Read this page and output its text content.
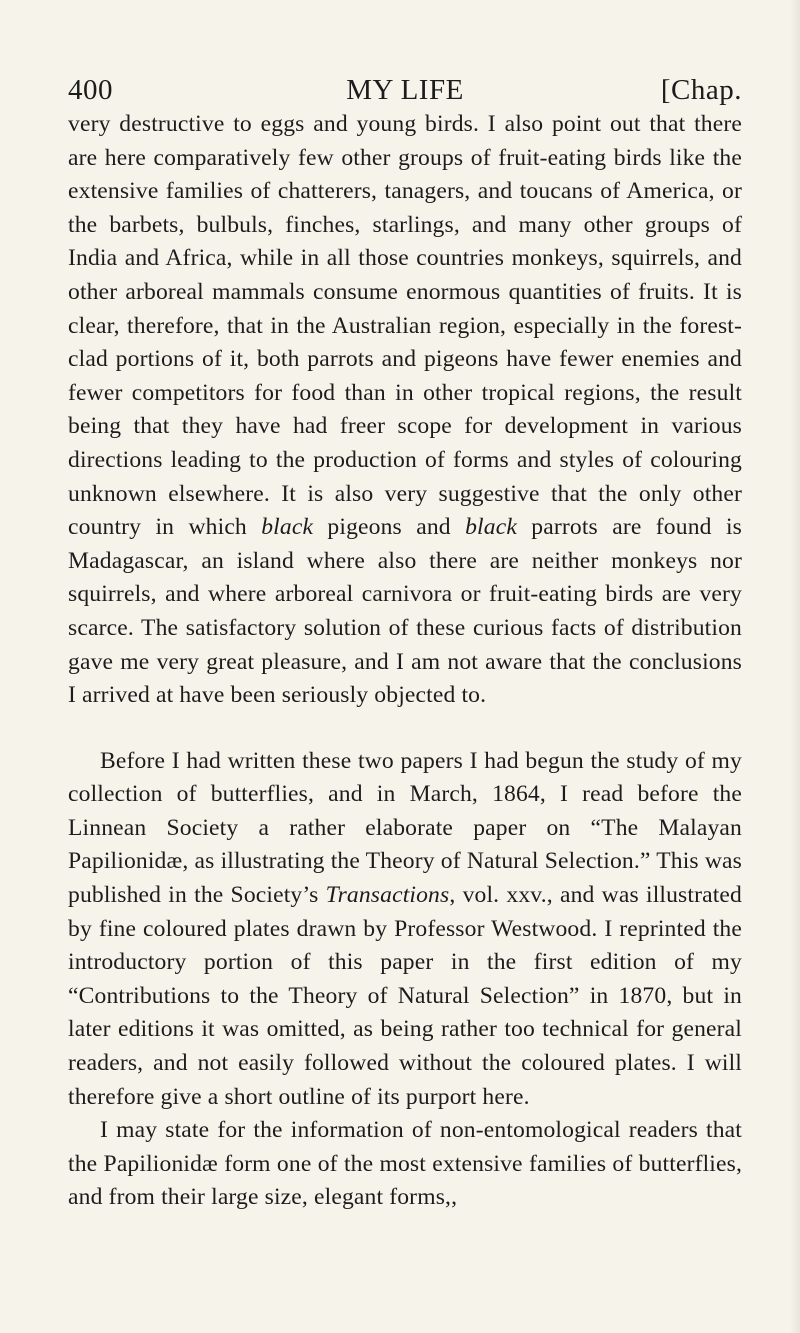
400	MY LIFE	[Chap.

very destructive to eggs and young birds. I also point out that there are here comparatively few other groups of fruit-eating birds like the extensive families of chatterers, tanagers, and toucans of America, or the barbets, bulbuls, finches, starlings, and many other groups of India and Africa, while in all those countries monkeys, squirrels, and other arboreal mammals consume enormous quantities of fruits. It is clear, therefore, that in the Australian region, especially in the forest-clad portions of it, both parrots and pigeons have fewer enemies and fewer competitors for food than in other tropical regions, the result being that they have had freer scope for development in various directions leading to the production of forms and styles of colouring unknown elsewhere. It is also very suggestive that the only other country in which black pigeons and black parrots are found is Madagascar, an island where also there are neither monkeys nor squirrels, and where arboreal carnivora or fruit-eating birds are very scarce. The satisfactory solution of these curious facts of distribution gave me very great pleasure, and I am not aware that the conclusions I arrived at have been seriously objected to.

Before I had written these two papers I had begun the study of my collection of butterflies, and in March, 1864, I read before the Linnean Society a rather elaborate paper on “The Malayan Papilionidæ, as illustrating the Theory of Natural Selection.” This was published in the Society’s Transactions, vol. xxv., and was illustrated by fine coloured plates drawn by Professor Westwood. I reprinted the introductory portion of this paper in the first edition of my “Contributions to the Theory of Natural Selection” in 1870, but in later editions it was omitted, as being rather too technical for general readers, and not easily followed without the coloured plates. I will therefore give a short outline of its purport here.

I may state for the information of non-entomological readers that the Papilionidæ form one of the most extensive families of butterflies, and from their large size, elegant forms,,
